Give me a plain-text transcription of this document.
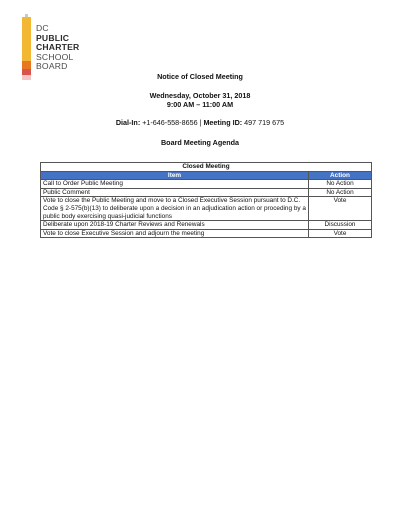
DC
PUBLIC
CHARTER
SCHOOL
BOARD
Notice of Closed Meeting
Wednesday, October 31, 2018
9:00 AM – 11:00 AM
Dial-In: +1-646-558-8656 | Meeting ID: 497 719 675
Board Meeting Agenda
Closed Meeting	
Item	Action
Call to Order Public Meeting	No Action
Public Comment	No Action
Vote to close the Public Meeting and move to a Closed Executive Session pursuant to D.C. Code § 2-575(b)(13) to deliberate upon a decision in an adjudication action or proceding by a public body exercising quasi-judicial functions	Vote
Deliberate upon 2018-19 Charter Reviews and Renewals	Discussion
Vote to close Executive Session and adjourn the meeting	Vote
